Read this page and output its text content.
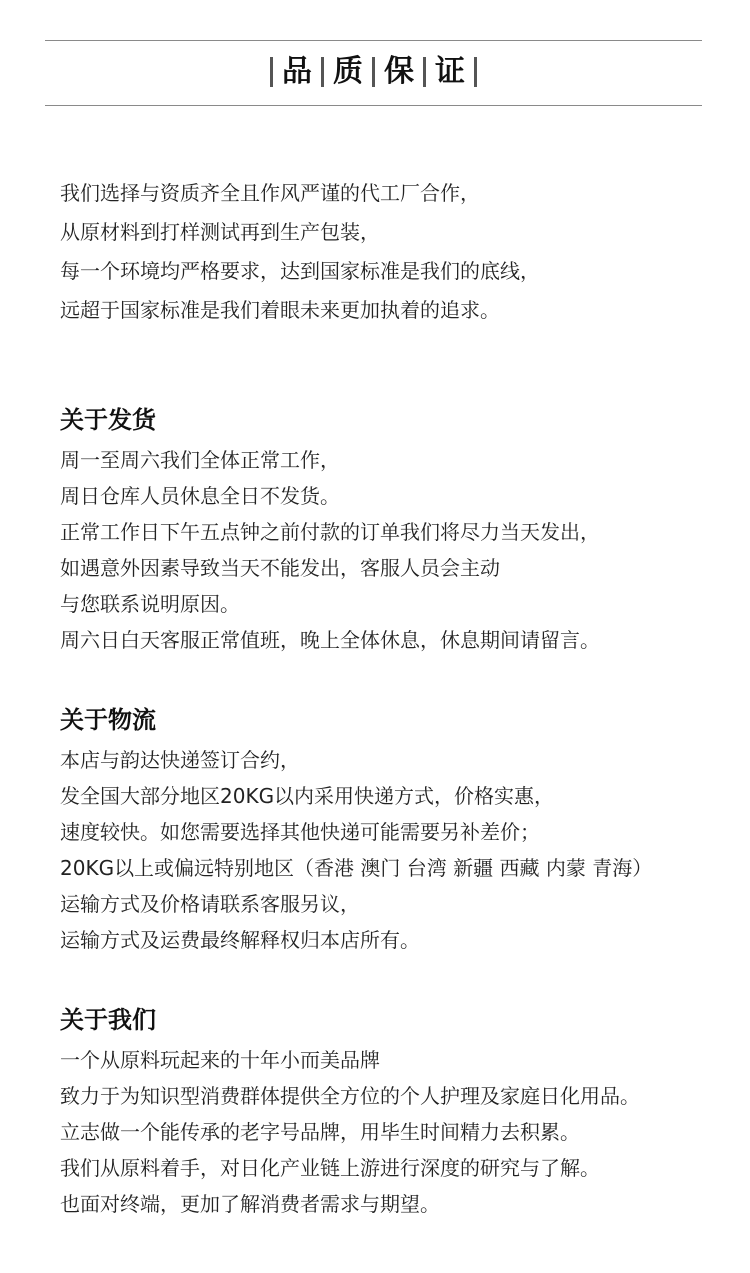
品 质 保 证
我们选择与资质齐全且作风严谨的代工厂合作，
从原材料到打样测试再到生产包装，
每一个环境均严格要求，达到国家标准是我们的底线，
远超于国家标准是我们着眼未来更加执着的追求。
关于发货
周一至周六我们全体正常工作，
周日仓库人员休息全日不发货。
正常工作日下午五点钟之前付款的订单我们将尽力当天发出，
如遇意外因素导致当天不能发出，客服人员会主动
与您联系说明原因。
周六日白天客服正常值班，晚上全体休息，休息期间请留言。
关于物流
本店与韵达快递签订合约，
发全国大部分地区20KG以内采用快递方式，价格实惠，
速度较快。如您需要选择其他快递可能需要另补差价；
20KG以上或偏远特别地区（香港 澳门 台湾 新疆 西藏 内蒙 青海）
运输方式及价格请联系客服另议，
运输方式及运费最终解释权归本店所有。
关于我们
一个从原料玩起来的十年小而美品牌
致力于为知识型消费群体提供全方位的个人护理及家庭日化用品。
立志做一个能传承的老字号品牌，用毕生时间精力去积累。
我们从原料着手，对日化产业链上游进行深度的研究与了解。
也面对终端，更加了解消费者需求与期望。
